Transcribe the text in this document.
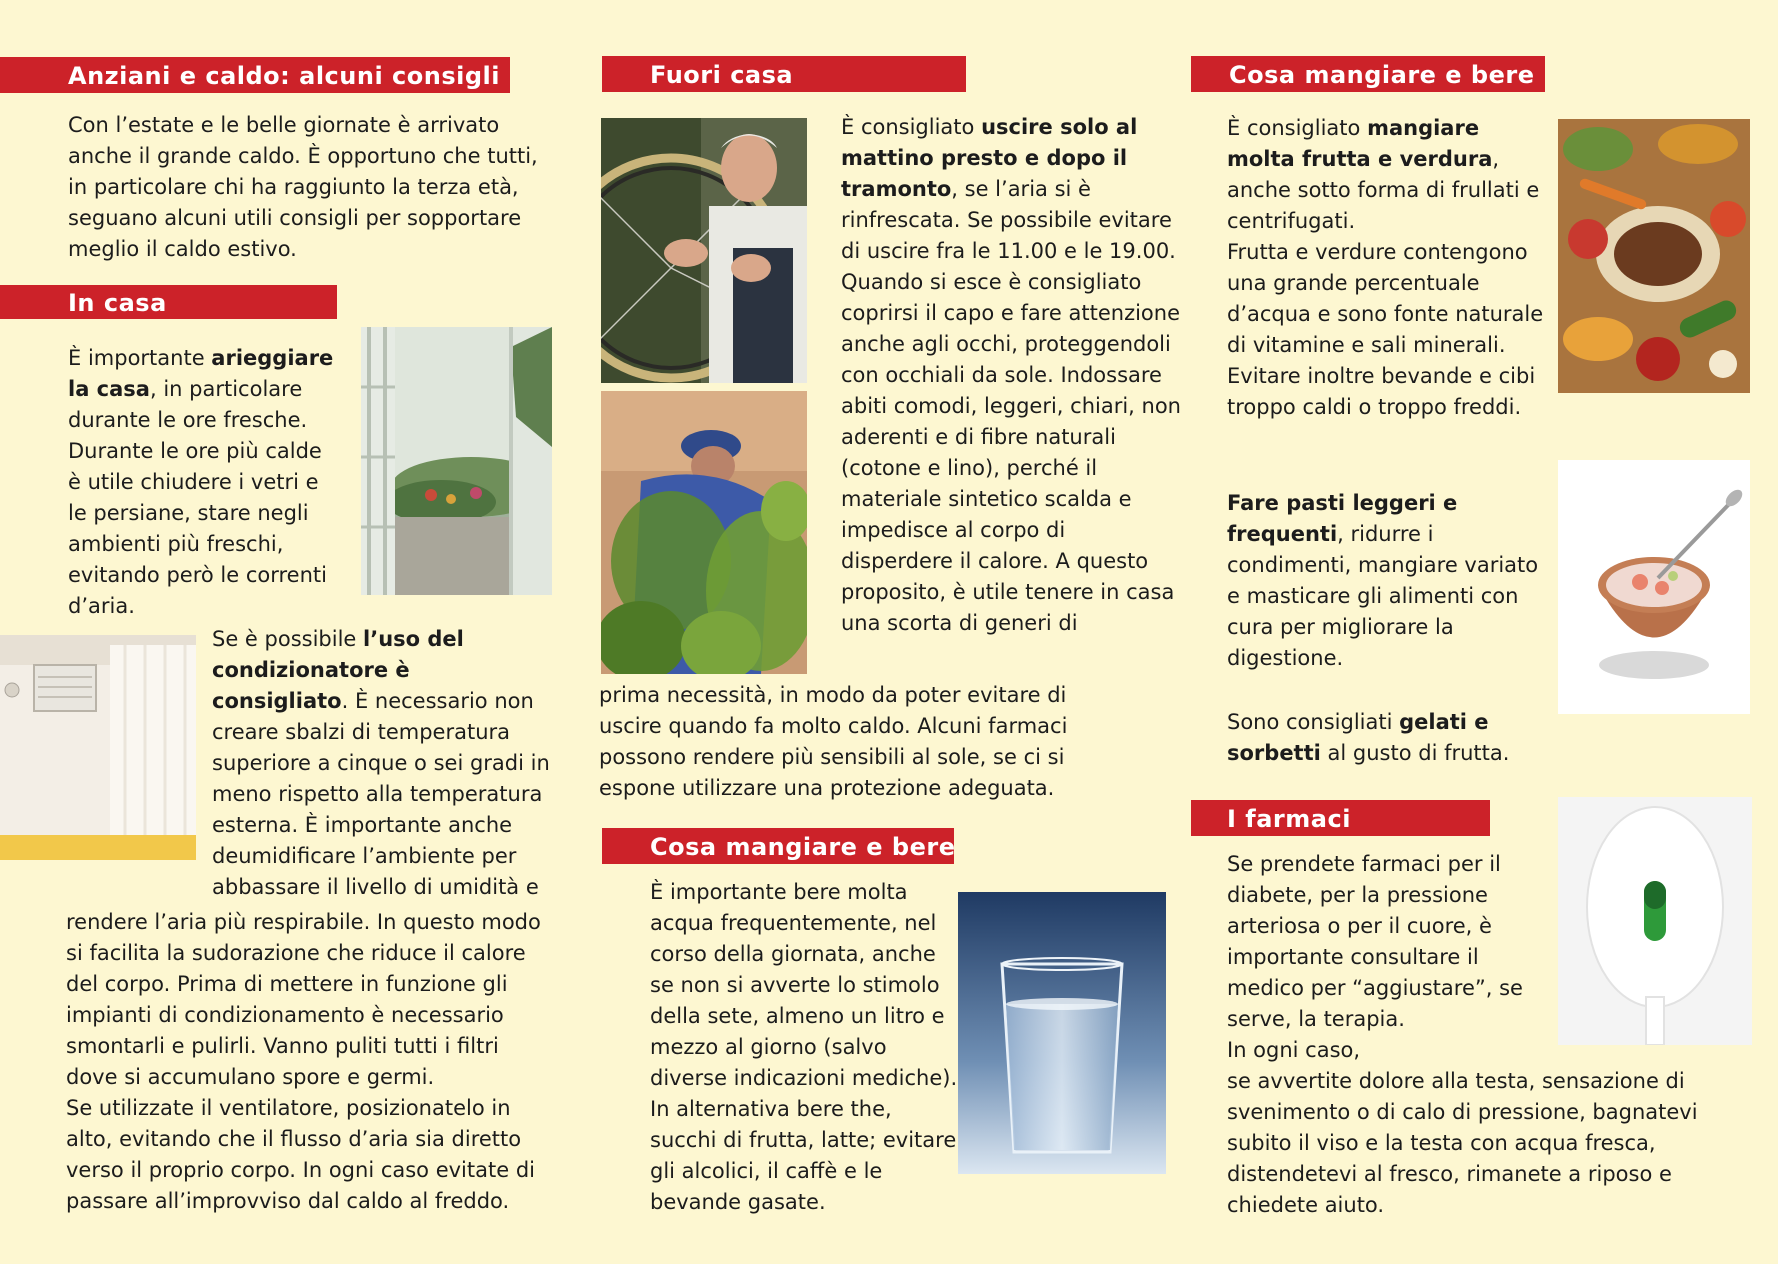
Anziani e caldo: alcuni consigli

Con l’estate e le belle giornate è arrivato anche il grande caldo. È opportuno che tutti, in particolare chi ha raggiunto la terza età, seguano alcuni utili consigli per sopportare meglio il caldo estivo.

In casa

È importante arieggiare la casa, in particolare durante le ore fresche. Durante le ore più calde è utile chiudere i vetri e le persiane, stare negli ambienti più freschi, evitando però le correnti d’aria.

Se è possibile l’uso del condizionatore è consigliato. È necessario non creare sbalzi di temperatura superiore a cinque o sei gradi in meno rispetto alla temperatura esterna. È importante anche deumidificare l’ambiente per abbassare il livello di umidità e

rendere l’aria più respirabile. In questo modo si facilita la sudorazione che riduce il calore del corpo. Prima di mettere in funzione gli impianti di condizionamento è necessario smontarli e pulirli. Vanno puliti tutti i filtri dove si accumulano spore e germi.

Se utilizzate il ventilatore, posizionatelo in alto, evitando che il flusso d’aria sia diretto verso il proprio corpo. In ogni caso evitate di passare all’improvviso dal caldo al freddo.

Fuori casa

È consigliato uscire solo al mattino presto e dopo il tramonto, se l’aria si è rinfrescata. Se possibile evitare di uscire fra le 11.00 e le 19.00.

Quando si esce è consigliato coprirsi il capo e fare attenzione anche agli occhi, proteggendoli con occhiali da sole. Indossare abiti comodi, leggeri, chiari, non aderenti e di fibre naturali (cotone e lino), perché il materiale sintetico scalda e impedisce al corpo di disperdere il calore. A questo proposito, è utile tenere in casa una scorta di generi di

prima necessità, in modo da poter evitare di uscire quando fa molto caldo. Alcuni farmaci possono rendere più sensibili al sole, se ci si espone utilizzare una protezione adeguata.

Cosa mangiare e bere

È importante bere molta acqua frequentemente, nel corso della giornata, anche se non si avverte lo stimolo della sete, almeno un litro e mezzo al giorno (salvo diverse indicazioni mediche). In alternativa bere the, succhi di frutta, latte; evitare gli alcolici, il caffè e le bevande gasate.

Cosa mangiare e bere

È consigliato mangiare molta frutta e verdura, anche sotto forma di frullati e centrifugati.

Frutta e verdure contengono una grande percentuale d’acqua e sono fonte naturale di vitamine e sali minerali.

Evitare inoltre bevande e cibi troppo caldi o troppo freddi.

Fare pasti leggeri e frequenti, ridurre i condimenti, mangiare variato e masticare gli alimenti con cura per migliorare la digestione.

Sono consigliati gelati e sorbetti al gusto di frutta.

I farmaci

Se prendete farmaci per il diabete, per la pressione arteriosa o per il cuore, è importante consultare il medico per “aggiustare”, se serve, la terapia.

In ogni caso,

se avvertite dolore alla testa, sensazione di svenimento o di calo di pressione, bagnatevi subito il viso e la testa con acqua fresca, distendetevi al fresco, rimanete a riposo e chiedete aiuto.
